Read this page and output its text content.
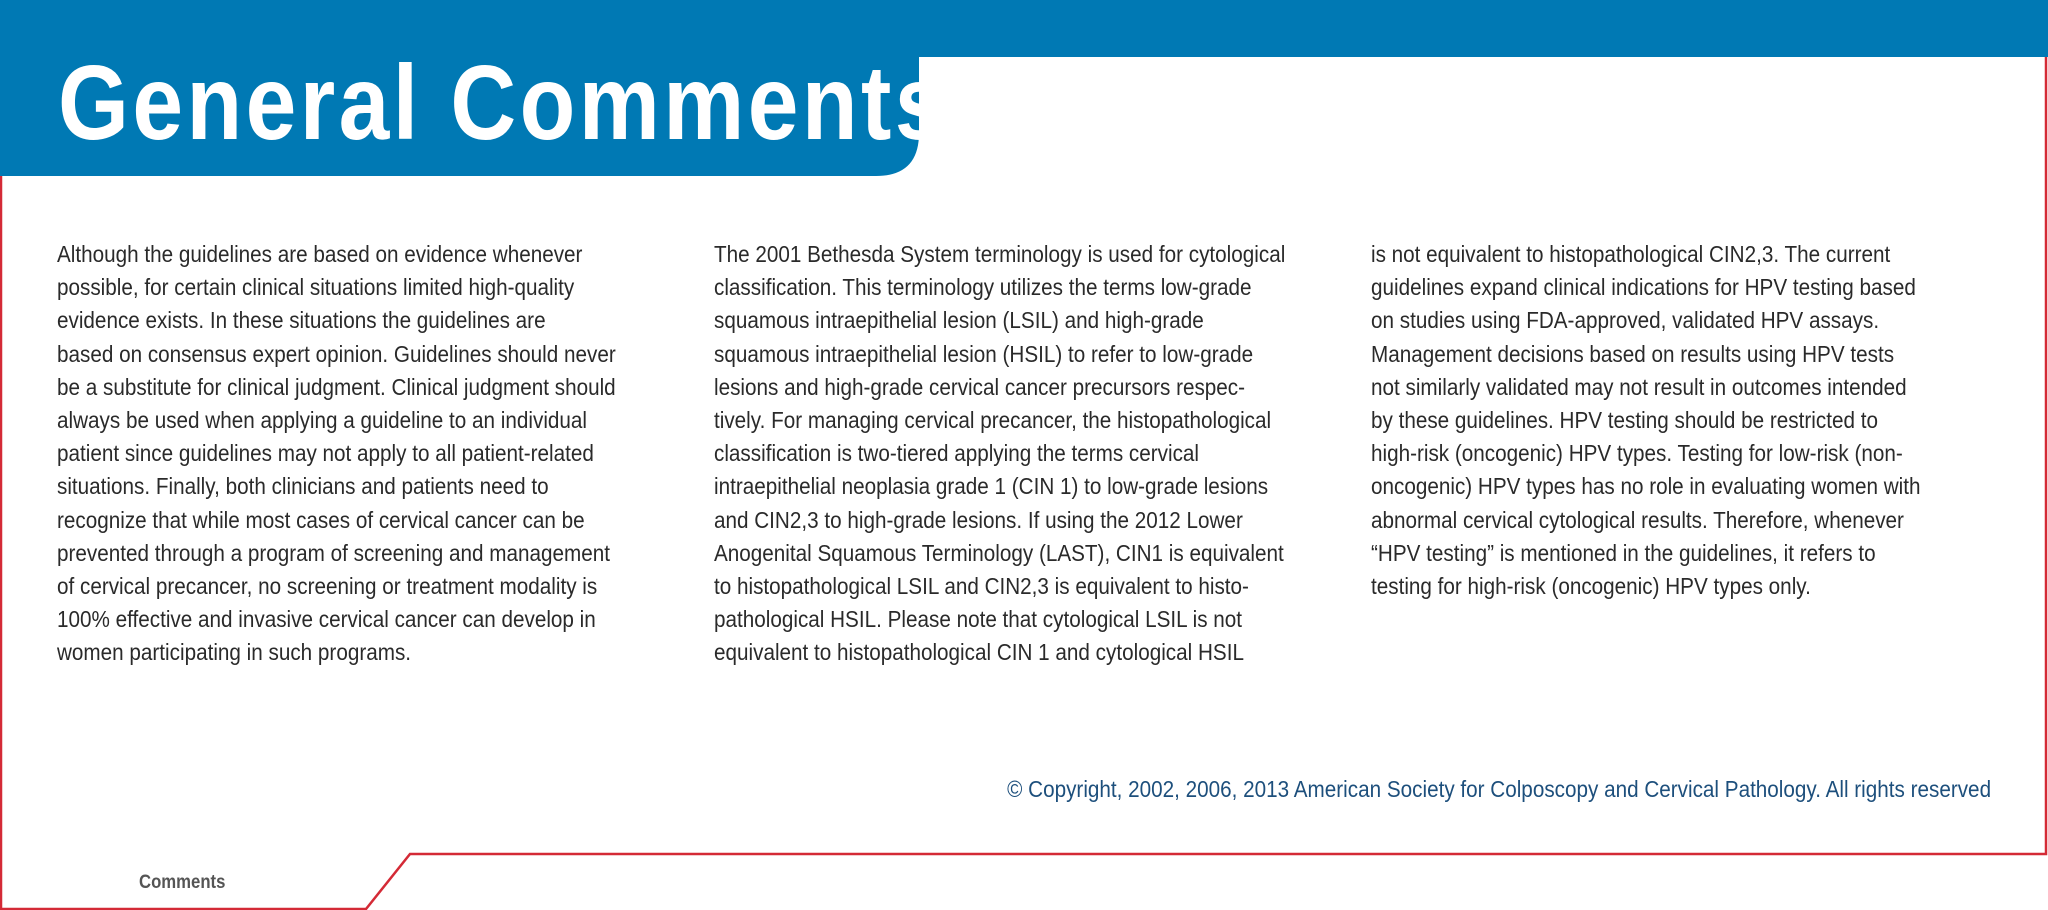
General Comments
Although the guidelines are based on evidence whenever
possible, for certain clinical situations limited high-quality
evidence exists. In these situations the guidelines are
based on consensus expert opinion. Guidelines should never
be a substitute for clinical judgment. Clinical judgment should
always be used when applying a guideline to an individual
patient since guidelines may not apply to all patient-related
situations. Finally, both clinicians and patients need to
recognize that while most cases of cervical cancer can be
prevented through a program of screening and management
of cervical precancer, no screening or treatment modality is
100% effective and invasive cervical cancer can develop in
women participating in such programs.
The 2001 Bethesda System terminology is used for cytological
classification. This terminology utilizes the terms low-grade
squamous intraepithelial lesion (LSIL) and high-grade
squamous intraepithelial lesion (HSIL) to refer to low-grade
lesions and high-grade cervical cancer precursors respec-
tively. For managing cervical precancer, the histopathological
classification is two-tiered applying the terms cervical
intraepithelial neoplasia grade 1 (CIN 1) to low-grade lesions
and CIN2,3 to high-grade lesions. If using the 2012 Lower
Anogenital Squamous Terminology (LAST), CIN1 is equivalent
to histopathological LSIL and CIN2,3 is equivalent to histo-
pathological HSIL. Please note that cytological LSIL is not
equivalent to histopathological CIN 1 and cytological HSIL
is not equivalent to histopathological CIN2,3. The current
guidelines expand clinical indications for HPV testing based
on studies using FDA-approved, validated HPV assays.
Management decisions based on results using HPV tests
not similarly validated may not result in outcomes intended
by these guidelines. HPV testing should be restricted to
high-risk (oncogenic) HPV types. Testing for low-risk (non-
oncogenic) HPV types has no role in evaluating women with
abnormal cervical cytological results. Therefore, whenever
“HPV testing” is mentioned in the guidelines, it refers to
testing for high-risk (oncogenic) HPV types only.
© Copyright, 2002, 2006, 2013 American Society for Colposcopy and Cervical Pathology. All rights reserved
Comments
